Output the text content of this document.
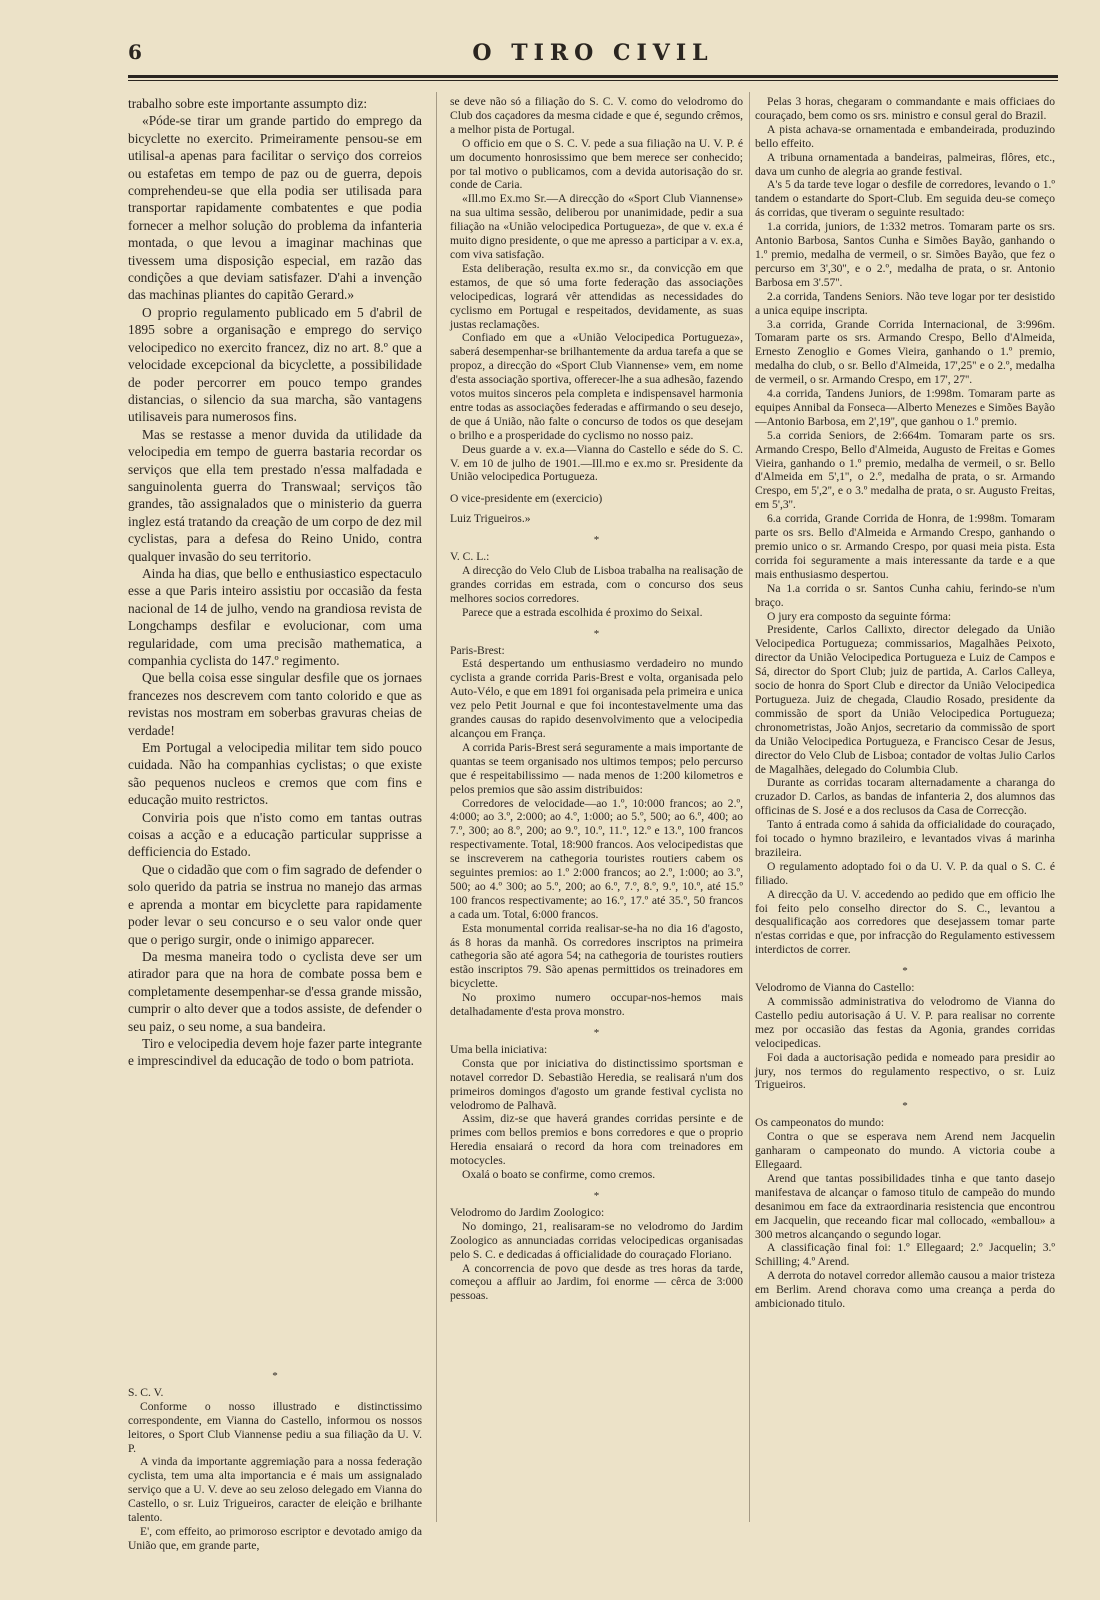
6	O TIRO CIVIL

trabalho sobre este importante assumpto diz:

«Póde-se tirar um grande partido do emprego da bicyclette no exercito. Primeiramente pensou-se em utilisal-a apenas para facilitar o serviço dos correios ou estafetas em tempo de paz ou de guerra, depois comprehendeu-se que ella podia ser utilisada para transportar rapidamente combatentes e que podia fornecer a melhor solução do problema da infanteria montada, o que levou a imaginar machinas que tivessem uma disposição especial, em razão das condições a que deviam satisfazer. D'ahi a invenção das machinas pliantes do capitão Gerard.»

O proprio regulamento publicado em 5 d'abril de 1895 sobre a organisação e emprego do serviço velocipedico no exercito francez, diz no art. 8.º que a velocidade excepcional da bicyclette, a possibilidade de poder percorrer em pouco tempo grandes distancias, o silencio da sua marcha, são vantagens utilisaveis para numerosos fins.

Mas se restasse a menor duvida da utilidade da velocipedia em tempo de guerra bastaria recordar os serviços que ella tem prestado n'essa malfadada e sanguinolenta guerra do Transwaal; serviços tão grandes, tão assignalados que o ministerio da guerra inglez está tratando da creação de um corpo de dez mil cyclistas, para a defesa do Reino Unido, contra qualquer invasão do seu territorio.

Ainda ha dias, que bello e enthusiastico espectaculo esse a que Paris inteiro assistiu por occasião da festa nacional de 14 de julho, vendo na grandiosa revista de Longchamps desfilar e evolucionar, com uma regularidade, com uma precisão mathematica, a companhia cyclista do 147.º regimento.

Que bella coisa esse singular desfile que os jornaes francezes nos descrevem com tanto colorido e que as revistas nos mostram em soberbas gravuras cheias de verdade!

Em Portugal a velocipedia militar tem sido pouco cuidada. Não ha companhias cyclistas; o que existe são pequenos nucleos e cremos que com fins e educação muito restrictos.

Conviria pois que n'isto como em tantas outras coisas a acção e a educação particular supprisse a defficiencia do Estado.

Que o cidadão que com o fim sagrado de defender o solo querido da patria se instrua no manejo das armas e aprenda a montar em bicyclette para rapidamente poder levar o seu concurso e o seu valor onde quer que o perigo surgir, onde o inimigo apparecer.

Da mesma maneira todo o cyclista deve ser um atirador para que na hora de combate possa bem e completamente desempenhar-se d'essa grande missão, cumprir o alto dever que a todos assiste, de defender o seu paiz, o seu nome, a sua bandeira.

Tiro e velocipedia devem hoje fazer parte integrante e imprescindivel da educação de todo o bom patriota.

*

S. C. V.

Conforme o nosso illustrado e distinctissimo correspondente, em Vianna do Castello, informou os nossos leitores, o Sport Club Viannense pediu a sua filiação da U. V. P.

A vinda da importante aggremiação para a nossa federação cyclista, tem uma alta importancia e é mais um assignalado serviço que a U. V. deve ao seu zeloso delegado em Vianna do Castello, o sr. Luiz Trigueiros, caracter de eleição e brilhante talento.

E', com effeito, ao primoroso escriptor e devotado amigo da União que, em grande parte,

se deve não só a filiação do S. C. V. como do velodromo do Club dos caçadores da mesma cidade e que é, segundo crêmos, a melhor pista de Portugal.

O officio em que o S. C. V. pede a sua filiação na U. V. P. é um documento honrosissimo que bem merece ser conhecido; por tal motivo o publicamos, com a devida autorisação do sr. conde de Caria.

«Ill.mo Ex.mo Sr.—A direcção do «Sport Club Viannense» na sua ultima sessão, deliberou por unanimidade, pedir a sua filiação na «União velocipedica Portugueza», de que v. ex.a é muito digno presidente, o que me apresso a participar a v. ex.a, com viva satisfação.

Esta deliberação, resulta ex.mo sr., da convicção em que estamos, de que só uma forte federação das associações velocipedicas, logrará vêr attendidas as necessidades do cyclismo em Portugal e respeitados, devidamente, as suas justas reclamações.

Confiado em que a «União Velocipedica Portugueza», saberá desempenhar-se brilhantemente da ardua tarefa a que se propoz, a direcção do «Sport Club Viannense» vem, em nome d'esta associação sportiva, offerecer-lhe a sua adhesão, fazendo votos muitos sinceros pela completa e indispensavel harmonia entre todas as associações federadas e affirmando o seu desejo, de que á União, não falte o concurso de todos os que desejam o brilho e a prosperidade do cyclismo no nosso paiz.

Deus guarde a v. ex.a—Vianna do Castello e séde do S. C. V. em 10 de julho de 1901.—Ill.mo e ex.mo sr. Presidente da União velocipedica Portugueza.

O vice-presidente em (exercicio)

Luiz Trigueiros.»

*

V. C. L.:

A direcção do Velo Club de Lisboa trabalha na realisação de grandes corridas em estrada, com o concurso dos seus melhores socios corredores.

Parece que a estrada escolhida é proximo do Seixal.

*

Paris-Brest:

Está despertando um enthusiasmo verdadeiro no mundo cyclista a grande corrida Paris-Brest e volta, organisada pelo Auto-Vélo, e que em 1891 foi organisada pela primeira e unica vez pelo Petit Journal e que foi incontestavelmente uma das grandes causas do rapido desenvolvimento que a velocipedia alcançou em França.

A corrida Paris-Brest será seguramente a mais importante de quantas se teem organisado nos ultimos tempos; pelo percurso que é respeitabilissimo — nada menos de 1:200 kilometros e pelos premios que são assim distribuidos:

Corredores de velocidade—ao 1.º, 10:000 francos; ao 2.º, 4:000; ao 3.º, 2:000; ao 4.º, 1:000; ao 5.º, 500; ao 6.º, 400; ao 7.º, 300; ao 8.º, 200; ao 9.º, 10.º, 11.º, 12.º e 13.º, 100 francos respectivamente. Total, 18:900 francos. Aos velocipedistas que se inscreverem na cathegoria touristes routiers cabem os seguintes premios: ao 1.º 2:000 francos; ao 2.º, 1:000; ao 3.º, 500; ao 4.º 300; ao 5.º, 200; ao 6.º, 7.º, 8.º, 9.º, 10.º, até 15.º 100 francos respectivamente; ao 16.º, 17.º até 35.º, 50 francos a cada um. Total, 6:000 francos.

Esta monumental corrida realisar-se-ha no dia 16 d'agosto, ás 8 horas da manhã. Os corredores inscriptos na primeira cathegoria são até agora 54; na cathegoria de touristes routiers estão inscriptos 79. São apenas permittidos os treinadores em bicyclette.

No proximo numero occupar-nos-hemos mais detalhadamente d'esta prova monstro.

*

Uma bella iniciativa:

Consta que por iniciativa do distinctissimo sportsman e notavel corredor D. Sebastião Heredia, se realisará n'um dos primeiros domingos d'agosto um grande festival cyclista no velodromo de Palhavã.

Assim, diz-se que haverá grandes corridas persinte e de primes com bellos premios e bons corredores e que o proprio Heredia ensaiará o record da hora com treinadores em motocycles.

Oxalá o boato se confirme, como cremos.

*

Velodromo do Jardim Zoologico:

No domingo, 21, realisaram-se no velodromo do Jardim Zoologico as annunciadas corridas velocipedicas organisadas pelo S. C. e dedicadas á officialidade do couraçado Floriano.

A concorrencia de povo que desde as tres horas da tarde, começou a affluir ao Jardim, foi enorme — cêrca de 3:000 pessoas.

Pelas 3 horas, chegaram o commandante e mais officiaes do couraçado, bem como os srs. ministro e consul geral do Brazil.

A pista achava-se ornamentada e embandeirada, produzindo bello effeito.

A tribuna ornamentada a bandeiras, palmeiras, flôres, etc., dava um cunho de alegria ao grande festival.

A's 5 da tarde teve logar o desfile de corredores, levando o 1.º tandem o estandarte do Sport-Club. Em seguida deu-se começo ás corridas, que tiveram o seguinte resultado:

1.a corrida, juniors, de 1:332 metros. Tomaram parte os srs. Antonio Barbosa, Santos Cunha e Simões Bayão, ganhando o 1.º premio, medalha de vermeil, o sr. Simões Bayão, que fez o percurso em 3',30'', e o 2.º, medalha de prata, o sr. Antonio Barbosa em 3'.57''.

2.a corrida, Tandens Seniors. Não teve logar por ter desistido a unica equipe inscripta.

3.a corrida, Grande Corrida Internacional, de 3:996m. Tomaram parte os srs. Armando Crespo, Bello d'Almeida, Ernesto Zenoglio e Gomes Vieira, ganhando o 1.º premio, medalha do club, o sr. Bello d'Almeida, 17',25'' e o 2.º, medalha de vermeil, o sr. Armando Crespo, em 17', 27''.

4.a corrida, Tandens Juniors, de 1:998m. Tomaram parte as equipes Annibal da Fonseca—Alberto Menezes e Simões Bayão—Antonio Barbosa, em 2',19'', que ganhou o 1.º premio.

5.a corrida Seniors, de 2:664m. Tomaram parte os srs. Armando Crespo, Bello d'Almeida, Augusto de Freitas e Gomes Vieira, ganhando o 1.º premio, medalha de vermeil, o sr. Bello d'Almeida em 5',1'', o 2.º, medalha de prata, o sr. Armando Crespo, em 5',2'', e o 3.º medalha de prata, o sr. Augusto Freitas, em 5',3''.

6.a corrida, Grande Corrida de Honra, de 1:998m. Tomaram parte os srs. Bello d'Almeida e Armando Crespo, ganhando o premio unico o sr. Armando Crespo, por quasi meia pista. Esta corrida foi seguramente a mais interessante da tarde e a que mais enthusiasmo despertou.

Na 1.a corrida o sr. Santos Cunha cahiu, ferindo-se n'um braço.

O jury era composto da seguinte fórma:

Presidente, Carlos Callixto, director delegado da União Velocipedica Portugueza; commissarios, Magalhães Peixoto, director da União Velocipedica Portugueza e Luiz de Campos e Sá, director do Sport Club; juiz de partida, A. Carlos Calleya, socio de honra do Sport Club e director da União Velocipedica Portugueza. Juiz de chegada, Claudio Rosado, presidente da commissão de sport da União Velocipedica Portugueza; chronometristas, João Anjos, secretario da commissão de sport da União Velocipedica Portugueza, e Francisco Cesar de Jesus, director do Velo Club de Lisboa; contador de voltas Julio Carlos de Magalhães, delegado do Columbia Club.

Durante as corridas tocaram alternadamente a charanga do cruzador D. Carlos, as bandas de infanteria 2, dos alumnos das officinas de S. José e a dos reclusos da Casa de Correcção.

Tanto á entrada como á sahida da officialidade do couraçado, foi tocado o hymno brazileiro, e levantados vivas á marinha brazileira.

O regulamento adoptado foi o da U. V. P. da qual o S. C. é filiado.

A direcção da U. V. accedendo ao pedido que em officio lhe foi feito pelo conselho director do S. C., levantou a desqualificação aos corredores que desejassem tomar parte n'estas corridas e que, por infracção do Regulamento estivessem interdictos de correr.

*

Velodromo de Vianna do Castello:

A commissão administrativa do velodromo de Vianna do Castello pediu autorisação á U. V. P. para realisar no corrente mez por occasião das festas da Agonia, grandes corridas velocipedicas.

Foi dada a auctorisação pedida e nomeado para presidir ao jury, nos termos do regulamento respectivo, o sr. Luiz Trigueiros.

*

Os campeonatos do mundo:

Contra o que se esperava nem Arend nem Jacquelin ganharam o campeonato do mundo. A victoria coube a Ellegaard.

Arend que tantas possibilidades tinha e que tanto dasejo manifestava de alcançar o famoso titulo de campeão do mundo desanimou em face da extraordinaria resistencia que encontrou em Jacquelin, que receando ficar mal collocado, «emballou» a 300 metros alcançando o segundo logar.

A classificação final foi: 1.º Ellegaard; 2.º Jacquelin; 3.º Schilling; 4.º Arend.

A derrota do notavel corredor allemão causou a maior tristeza em Berlim. Arend chorava como uma creança a perda do ambicionado titulo.
